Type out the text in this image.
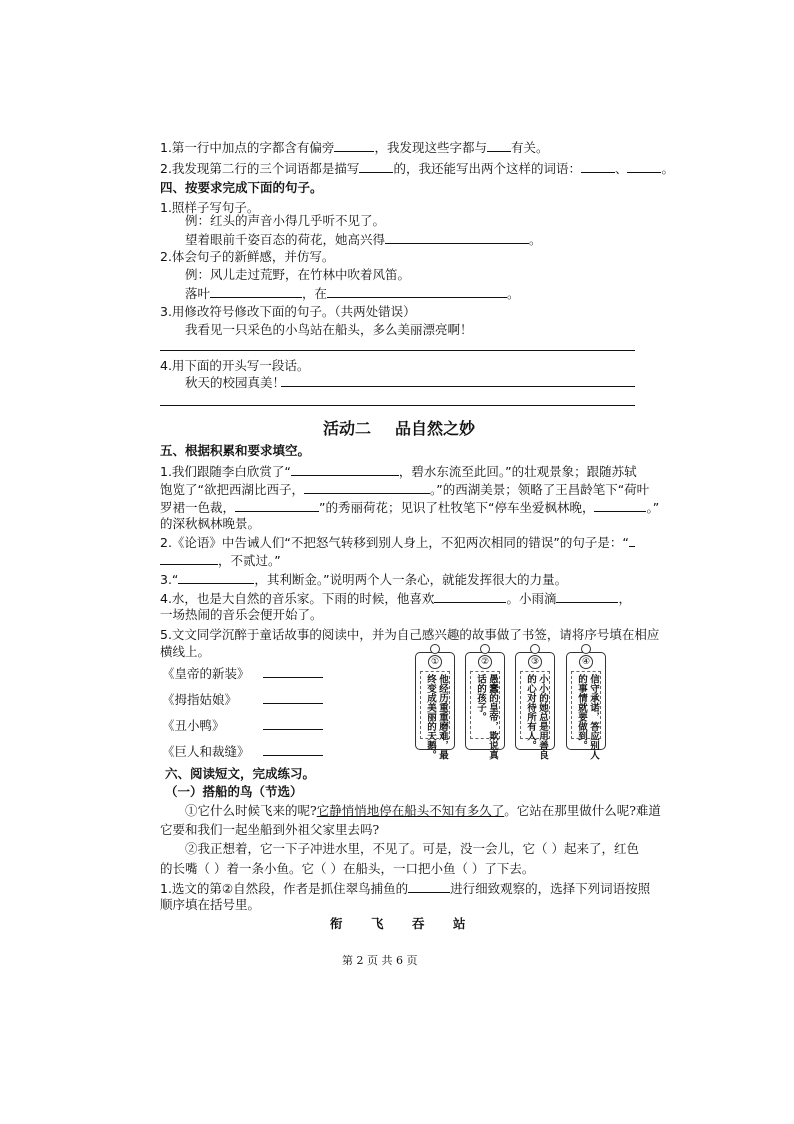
1.第一行中加点的字都含有偏旁	，我发现这些字都与 有关。
2.我发现第二行的三个词语都是描写	的，我还能写出两个这样的词语：	、	。
四、按要求完成下面的句子。
1.照样子写句子。
例：红头的声音小得几乎听不见了。
望着眼前千姿百态的荷花，她高兴得	。
2.体会句子的新鲜感，并仿写。
例：风儿走过荒野，在竹林中吹着风笛。
落叶	，在	。
3.用修改符号修改下面的句子。（共两处错误）
我看见一只采色的小鸟站在船头，多么美丽漂亮啊！
4.用下面的开头写一段话。
秋天的校园真美！
活动二 品自然之妙
五、根据积累和要求填空。
1.我们跟随李白欣赏了“	，碧水东流至此回。”的壮观景象；跟随苏轼
饱览了“欲把西湖比西子，	。”的西湖美景；领略了王昌龄笔下“荷叶
罗裙一色裁，	”的秀丽荷花；见识了杜牧笔下“停车坐爱枫林晚，	。”
的深秋枫林晚景。
2.《论语》中告诫人们“不把怒气转移到别人身上，不犯两次相同的错误”的句子是：“
，不贰过。”
3.“	，其利断金。”说明两个人一条心，就能发挥很大的力量。
4.水，也是大自然的音乐家。下雨的时候，他喜欢	。小雨滴	，
一场热闹的音乐会便开始了。
5.文文同学沉醉于童话故事的阅读中，并为自己感兴趣的故事做了书签，请将序号填在相应
横线上。
《皇帝的新装》
《拇指姑娘》
《丑小鸭》
《巨人和裁缝》
①
他经历重重磨难，最
终变成美丽的天鹅。
②
愚蠢的皇帝，欺说真
话的孩子。
③
小小的她总是用善良
的心对待所有人。
④
信守承诺，答应别人
的事情就要做到。
六、阅读短文，完成练习。
（一）搭船的鸟（节选）
①它什么时候飞来的呢?它静悄悄地停在船头不知有多久了。它站在那里做什么呢?难道
它要和我们一起坐船到外祖父家里去吗?
②我正想着，它一下子冲进水里，不见了。可是，没一会儿，它（ ）起来了，红色
的长嘴（ ）着一条小鱼。它（ ）在船头，一口把小鱼（ ）了下去。
1.选文的第②自然段，作者是抓住翠鸟捕鱼的	进行细致观察的，选择下列词语按照
顺序填在括号里。
衔 飞 吞 站
第 2 页 共 6 页
